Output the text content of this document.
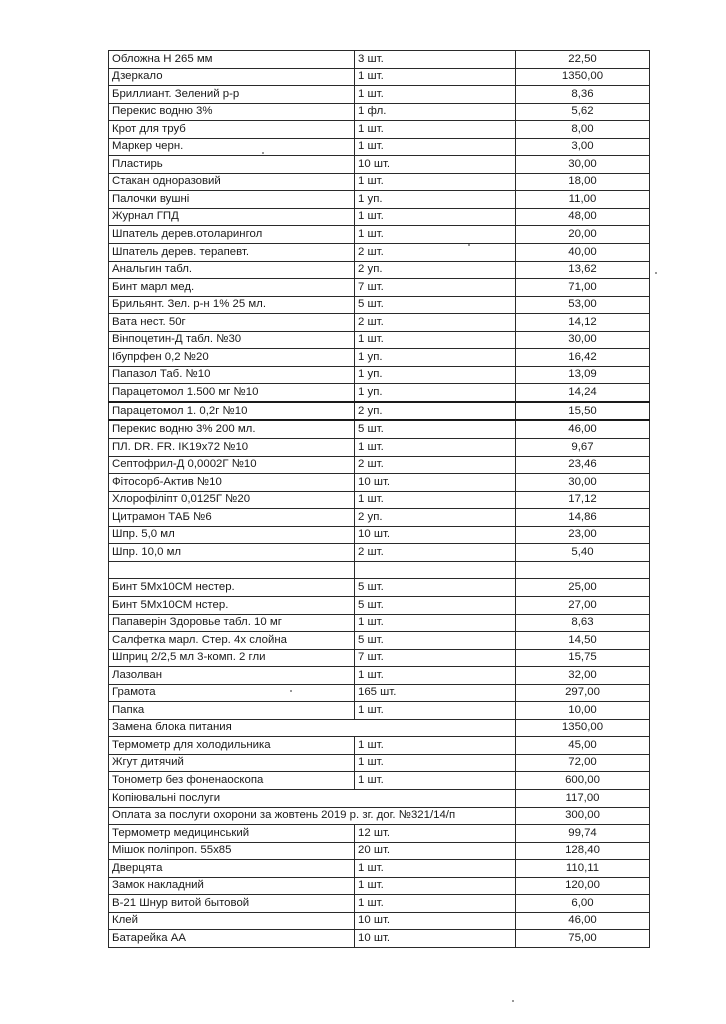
Обложна Н 265 мм	3 шт.	22,50
Дзеркало	1 шт.	1350,00
Бриллиант. Зелений р-р	1 шт.	8,36
Перекис водню 3%	1 фл.	5,62
Крот для труб	1 шт.	8,00
Маркер черн.	1 шт.	3,00
Пластирь	10 шт.	30,00
Стакан одноразовий	1 шт.	18,00
Палочки вушні	1 уп.	11,00
Журнал ГПД	1 шт.	48,00
Шпатель дерев.отоларингол	1 шт.	20,00
Шпатель дерев. терапевт.	2 шт.	40,00
Анальгин табл.	2 уп.	13,62
Бинт марл мед.	7 шт.	71,00
Брильянт. Зел. р-н 1% 25 мл.	5 шт.	53,00
Вата нест. 50г	2 шт.	14,12
Вінпоцетин-Д табл. №30	1 шт.	30,00
Ібупрфен 0,2 №20	1 уп.	16,42
Папазол Таб. №10	1 уп.	13,09
Парацетомол 1.500 мг №10	1 уп.	14,24
Парацетомол 1. 0,2г №10	2 уп.	15,50
Перекис водню 3% 200 мл.	5 шт.	46,00
ПЛ. DR. FR. IK19x72 №10	1 шт.	9,67
Септофрил-Д 0,0002Г №10	2 шт.	23,46
Фітосорб-Актив №10	10 шт.	30,00
Хлорофіліпт 0,0125Г №20	1 шт.	17,12
Цитрамон ТАБ №6	2 уп.	14,86
Шпр. 5,0 мл	10 шт.	23,00
Шпр. 10,0 мл	2 шт.	5,40

Бинт 5Мх10СМ нестер.	5 шт.	25,00
Бинт 5Мх10СМ нстер.	5 шт.	27,00
Папаверін Здоровье табл. 10 мг	1 шт.	8,63
Салфетка марл. Стер. 4х слойна	5 шт.	14,50
Шприц 2/2,5 мл 3-комп. 2 гли	7 шт.	15,75
Лазолван	1 шт.	32,00
Грамота	165 шт.	297,00
Папка	1 шт.	10,00
Замена блока питания		1350,00
Термометр для холодильника	1 шт.	45,00
Жгут дитячий	1 шт.	72,00
Тонометр без фоненаоскопа	1 шт.	600,00
Копіювальні послуги		117,00
Оплата за послуги охорони за жовтень 2019 р. зг. дог. №321/14/п		300,00
Термометр медицинський	12 шт.	99,74
Мішок поліпроп. 55х85	20 шт.	128,40
Дверцята	1 шт.	110,11
Замок накладний	1 шт.	120,00
В-21 Шнур витой бытовой	1 шт.	6,00
Клей	10 шт.	46,00
Батарейка АА	10 шт.	75,00
